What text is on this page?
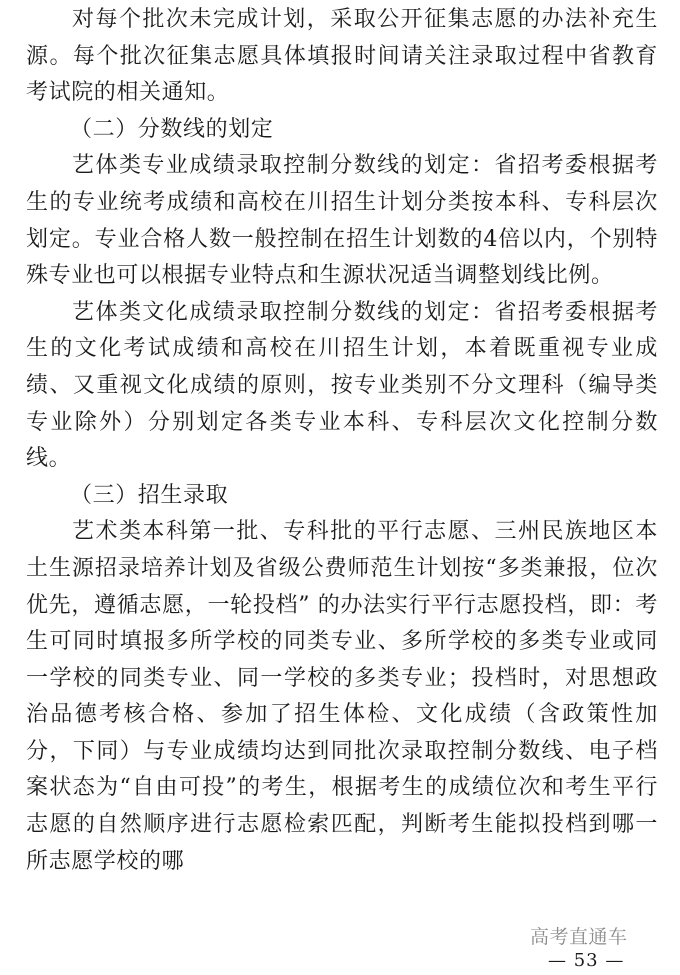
对每个批次未完成计划，采取公开征集志愿的办法补充生源。每个批次征集志愿具体填报时间请关注录取过程中省教育考试院的相关通知。

（二）分数线的划定

艺体类专业成绩录取控制分数线的划定：省招考委根据考生的专业统考成绩和高校在川招生计划分类按本科、专科层次划定。专业合格人数一般控制在招生计划数的4倍以内，个别特殊专业也可以根据专业特点和生源状况适当调整划线比例。

艺体类文化成绩录取控制分数线的划定：省招考委根据考生的文化考试成绩和高校在川招生计划，本着既重视专业成绩、又重视文化成绩的原则，按专业类别不分文理科（编导类专业除外）分别划定各类专业本科、专科层次文化控制分数线。

（三）招生录取

艺术类本科第一批、专科批的平行志愿、三州民族地区本土生源招录培养计划及省级公费师范生计划按“多类兼报，位次优先，遵循志愿，一轮投档” 的办法实行平行志愿投档，即：考生可同时填报多所学校的同类专业、多所学校的多类专业或同一学校的同类专业、同一学校的多类专业；投档时，对思想政治品德考核合格、参加了招生体检、文化成绩（含政策性加分，下同）与专业成绩均达到同批次录取控制分数线、电子档案状态为“自由可投”的考生，根据考生的成绩位次和考生平行志愿的自然顺序进行志愿检索匹配，判断考生能拟投档到哪一所志愿学校的哪

高考直通车
— 53 —
